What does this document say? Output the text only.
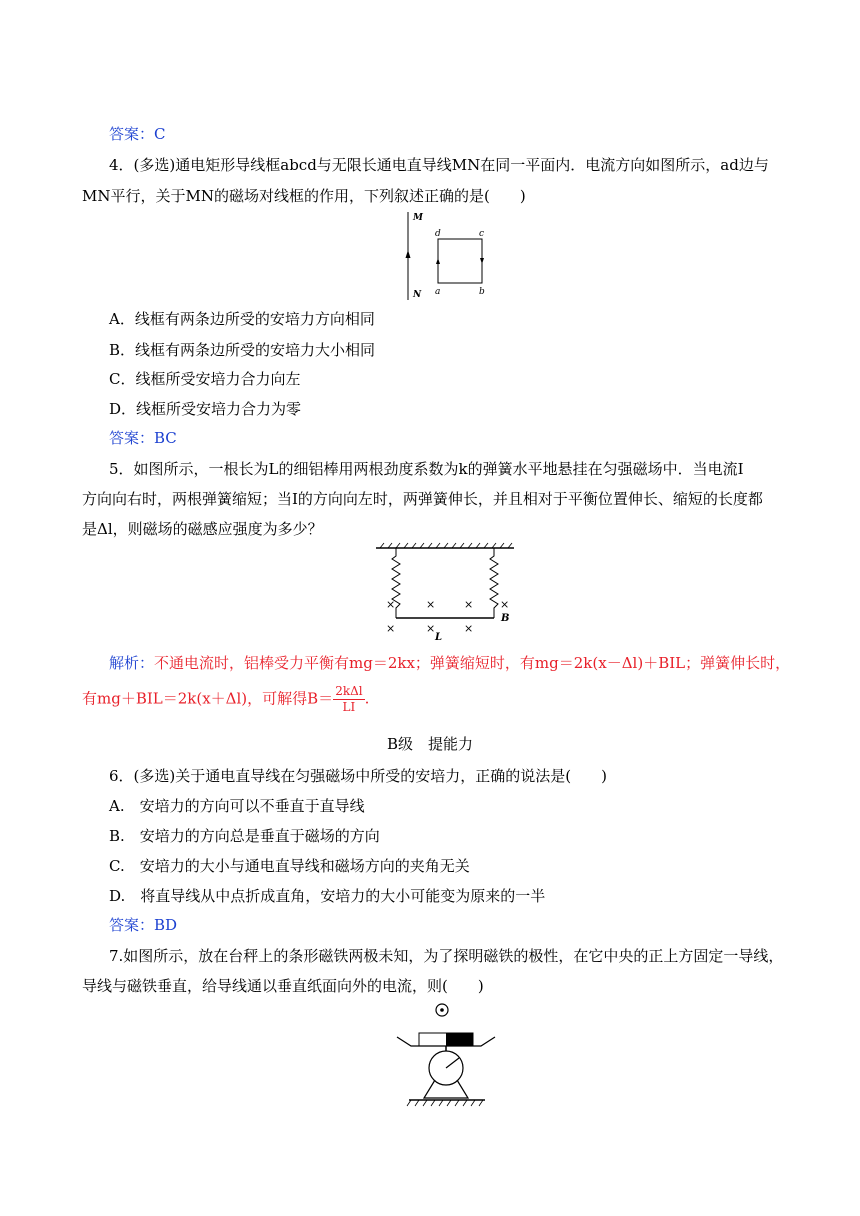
答案：C
4．(多选)通电矩形导线框abcd与无限长通电直导线MN在同一平面内．电流方向如图所示，ad边与
MN平行，关于MN的磁场对线框的作用，下列叙述正确的是(　　)
M
N
d	c
a	b
A．线框有两条边所受的安培力方向相同
B．线框有两条边所受的安培力大小相同
C．线框所受安培力合力向左
D．线框所受安培力合力为零
答案：BC
5．如图所示，一根长为L的细铝棒用两根劲度系数为k的弹簧水平地悬挂在匀强磁场中．当电流Ⅰ
方向向右时，两根弹簧缩短；当Ⅰ的方向向左时，两弹簧伸长，并且相对于平衡位置伸长、缩短的长度都
是Δl，则磁场的磁感应强度为多少？
×	×	× ×
×	×	×
B
L
解析：不通电流时，铝棒受力平衡有mg＝2kx；弹簧缩短时，有mg＝2k(x－Δl)＋BIL；弹簧伸长时，
有mg＋BIL＝2k(x＋Δl)，可解得$B= \frac{\text{2kΔl}}{LI}$ .
B级　提能力
6．(多选)关于通电直导线在匀强磁场中所受的安培力，正确的说法是(　　)
A.　安培力的方向可以不垂直于直导线
B.　安培力的方向总是垂直于磁场的方向
C.　安培力的大小与通电直导线和磁场方向的夹角无关
D.　将直导线从中点折成直角，安培力的大小可能变为原来的一半
答案：BD
7.如图所示，放在台秤上的条形磁铁两极未知，为了探明磁铁的极性，在它中央的正上方固定一导线，
导线与磁铁垂直，给导线通以垂直纸面向外的电流，则(　　)
